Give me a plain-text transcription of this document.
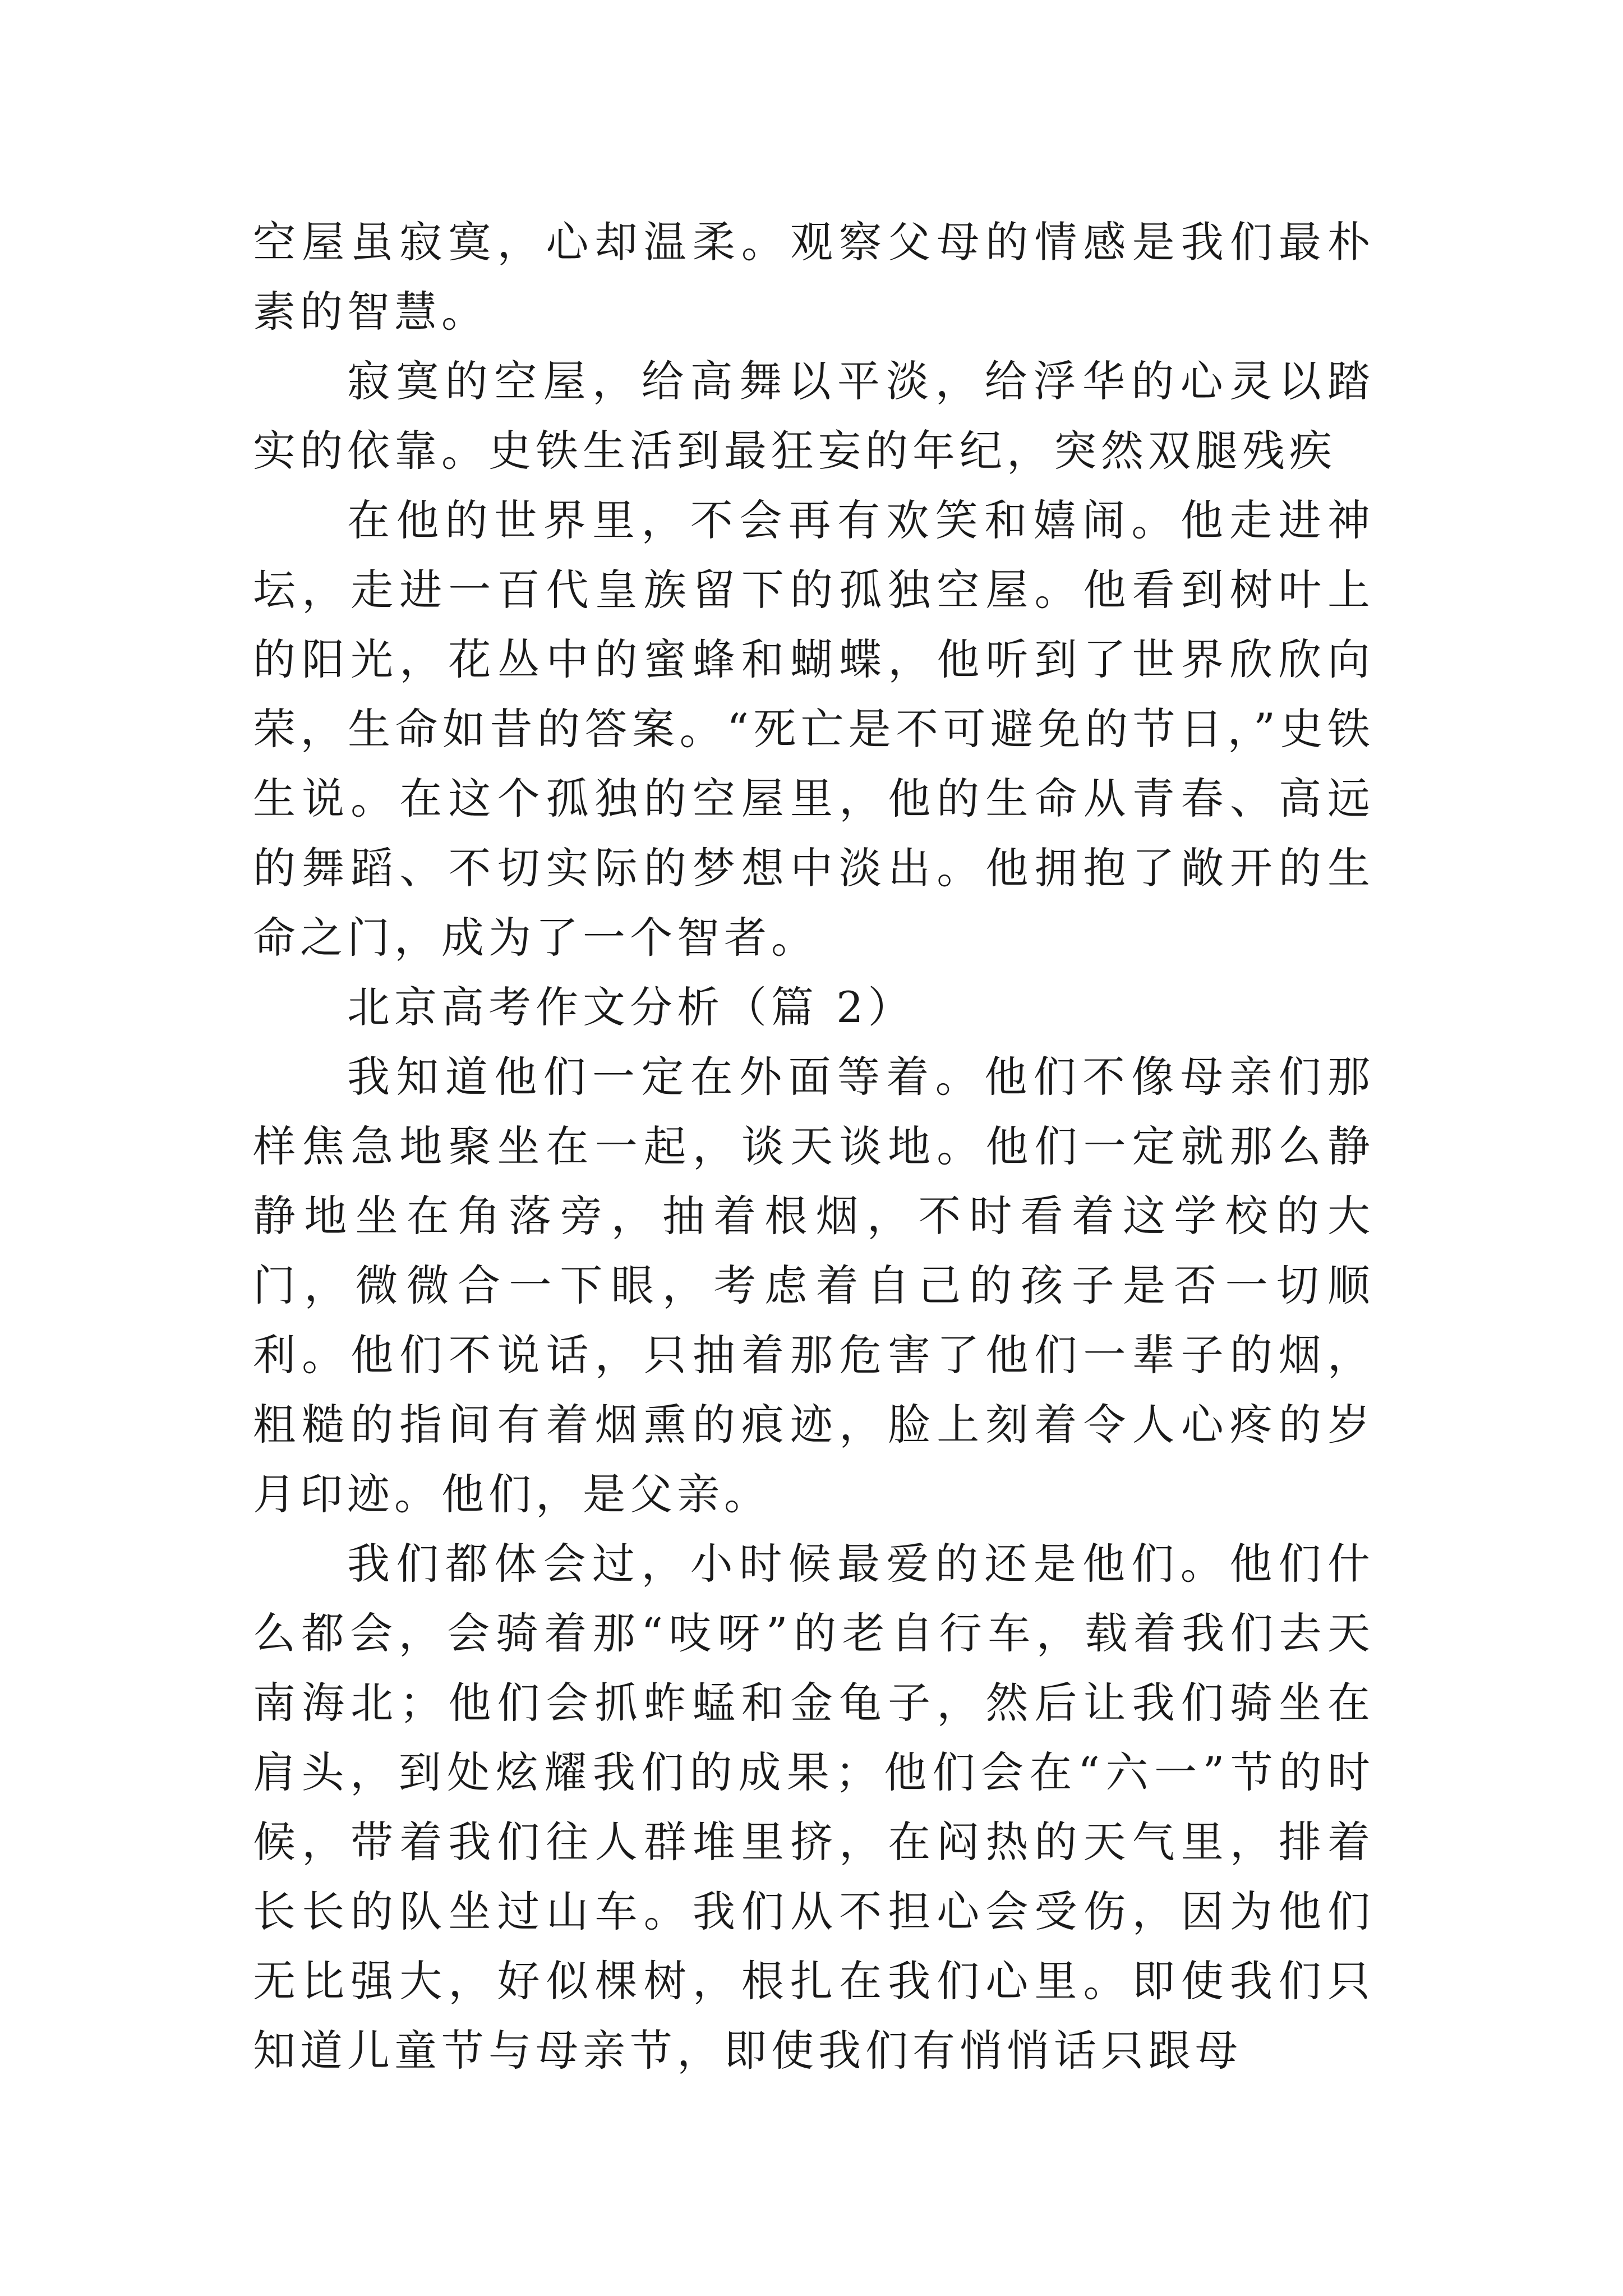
空屋虽寂寞，心却温柔。观察父母的情感是我们最朴素的智慧。

寂寞的空屋，给高舞以平淡，给浮华的心灵以踏实的依靠。史铁生活到最狂妄的年纪，突然双腿残疾

在他的世界里，不会再有欢笑和嬉闹。他走进神坛，走进一百代皇族留下的孤独空屋。他看到树叶上的阳光，花丛中的蜜蜂和蝴蝶，他听到了世界欣欣向荣，生命如昔的答案。“死亡是不可避免的节日，”史铁生说。在这个孤独的空屋里，他的生命从青春、高远的舞蹈、不切实际的梦想中淡出。他拥抱了敞开的生命之门，成为了一个智者。

北京高考作文分析（篇 2）

我知道他们一定在外面等着。他们不像母亲们那样焦急地聚坐在一起，谈天谈地。他们一定就那么静静地坐在角落旁，抽着根烟，不时看着这学校的大门，微微合一下眼，考虑着自己的孩子是否一切顺利。他们不说话，只抽着那危害了他们一辈子的烟，粗糙的指间有着烟熏的痕迹，脸上刻着令人心疼的岁月印迹。他们，是父亲。

我们都体会过，小时候最爱的还是他们。他们什么都会，会骑着那“吱呀”的老自行车，载着我们去天南海北；他们会抓蚱蜢和金龟子，然后让我们骑坐在肩头，到处炫耀我们的成果；他们会在“六一”节的时候，带着我们往人群堆里挤，在闷热的天气里，排着长长的队坐过山车。我们从不担心会受伤，因为他们无比强大，好似棵树，根扎在我们心里。即使我们只知道儿童节与母亲节，即使我们有悄悄话只跟母
